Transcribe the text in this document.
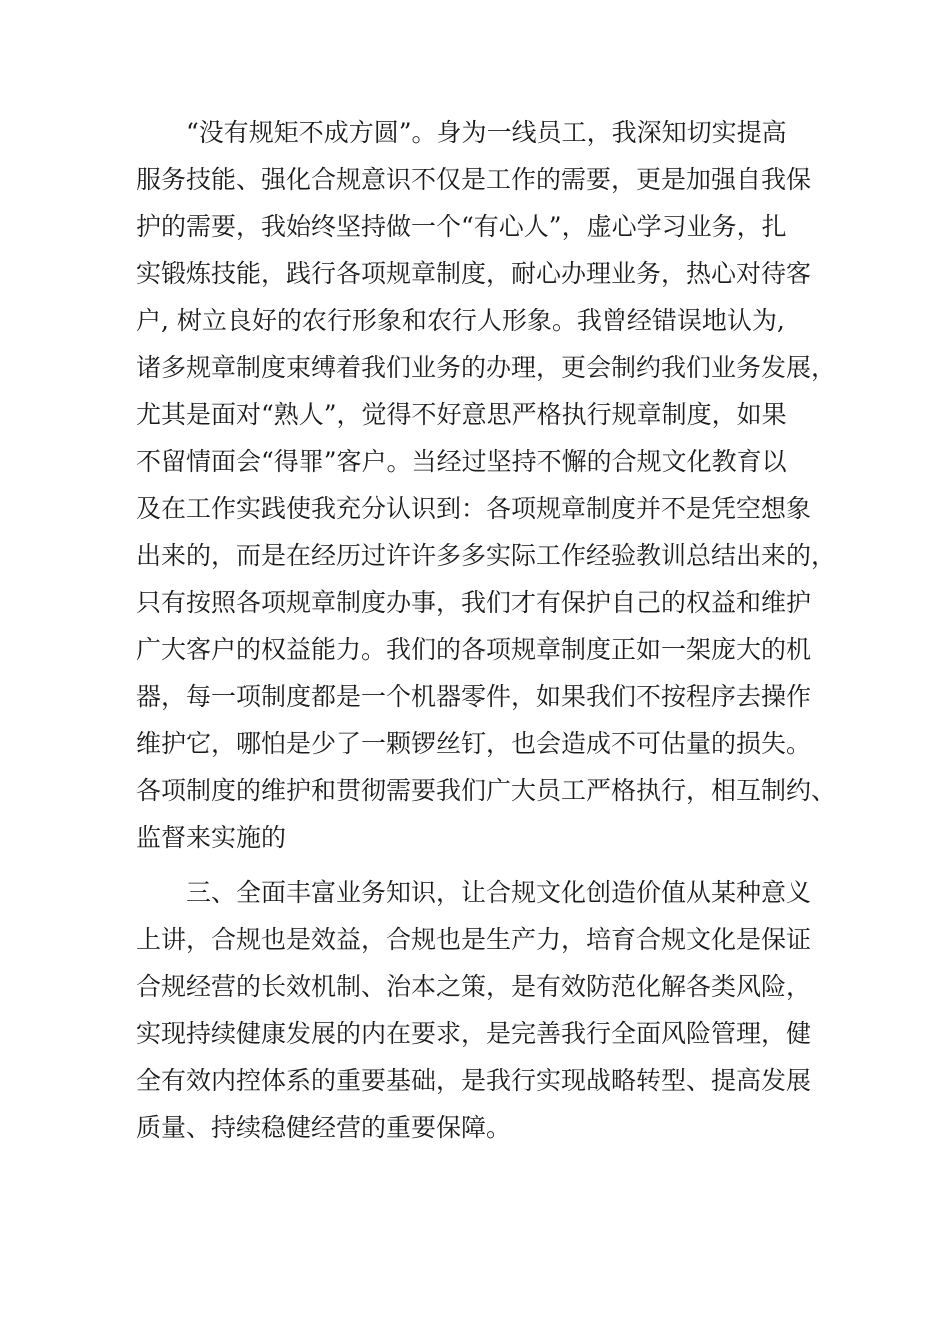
“没有规矩不成方圆”。身为一线员工，我深知切实提高

服务技能、强化合规意识不仅是工作的需要，更是加强自我保

护的需要，我始终坚持做一个“有心人”，虚心学习业务，扎

实锻炼技能，践行各项规章制度，耐心办理业务，热心对待客

户, 树立良好的农行形象和农行人形象。我曾经错误地认为,

诸多规章制度束缚着我们业务的办理，更会制约我们业务发展，

尤其是面对“熟人”，觉得不好意思严格执行规章制度，如果

不留情面会“得罪”客户。当经过坚持不懈的合规文化教育以

及在工作实践使我充分认识到：各项规章制度并不是凭空想象

出来的，而是在经历过许许多多实际工作经验教训总结出来的，

只有按照各项规章制度办事，我们才有保护自己的权益和维护

广大客户的权益能力。我们的各项规章制度正如一架庞大的机

器，每一项制度都是一个机器零件，如果我们不按程序去操作

维护它，哪怕是少了一颗锣丝钉，也会造成不可估量的损失。

各项制度的维护和贯彻需要我们广大员工严格执行，相互制约、

监督来实施的

三、全面丰富业务知识，让合规文化创造价值从某种意义

上讲，合规也是效益，合规也是生产力，培育合规文化是保证

合规经营的长效机制、治本之策，是有效防范化解各类风险，

实现持续健康发展的内在要求，是完善我行全面风险管理，健

全有效内控体系的重要基础，是我行实现战略转型、提高发展

质量、持续稳健经营的重要保障。
